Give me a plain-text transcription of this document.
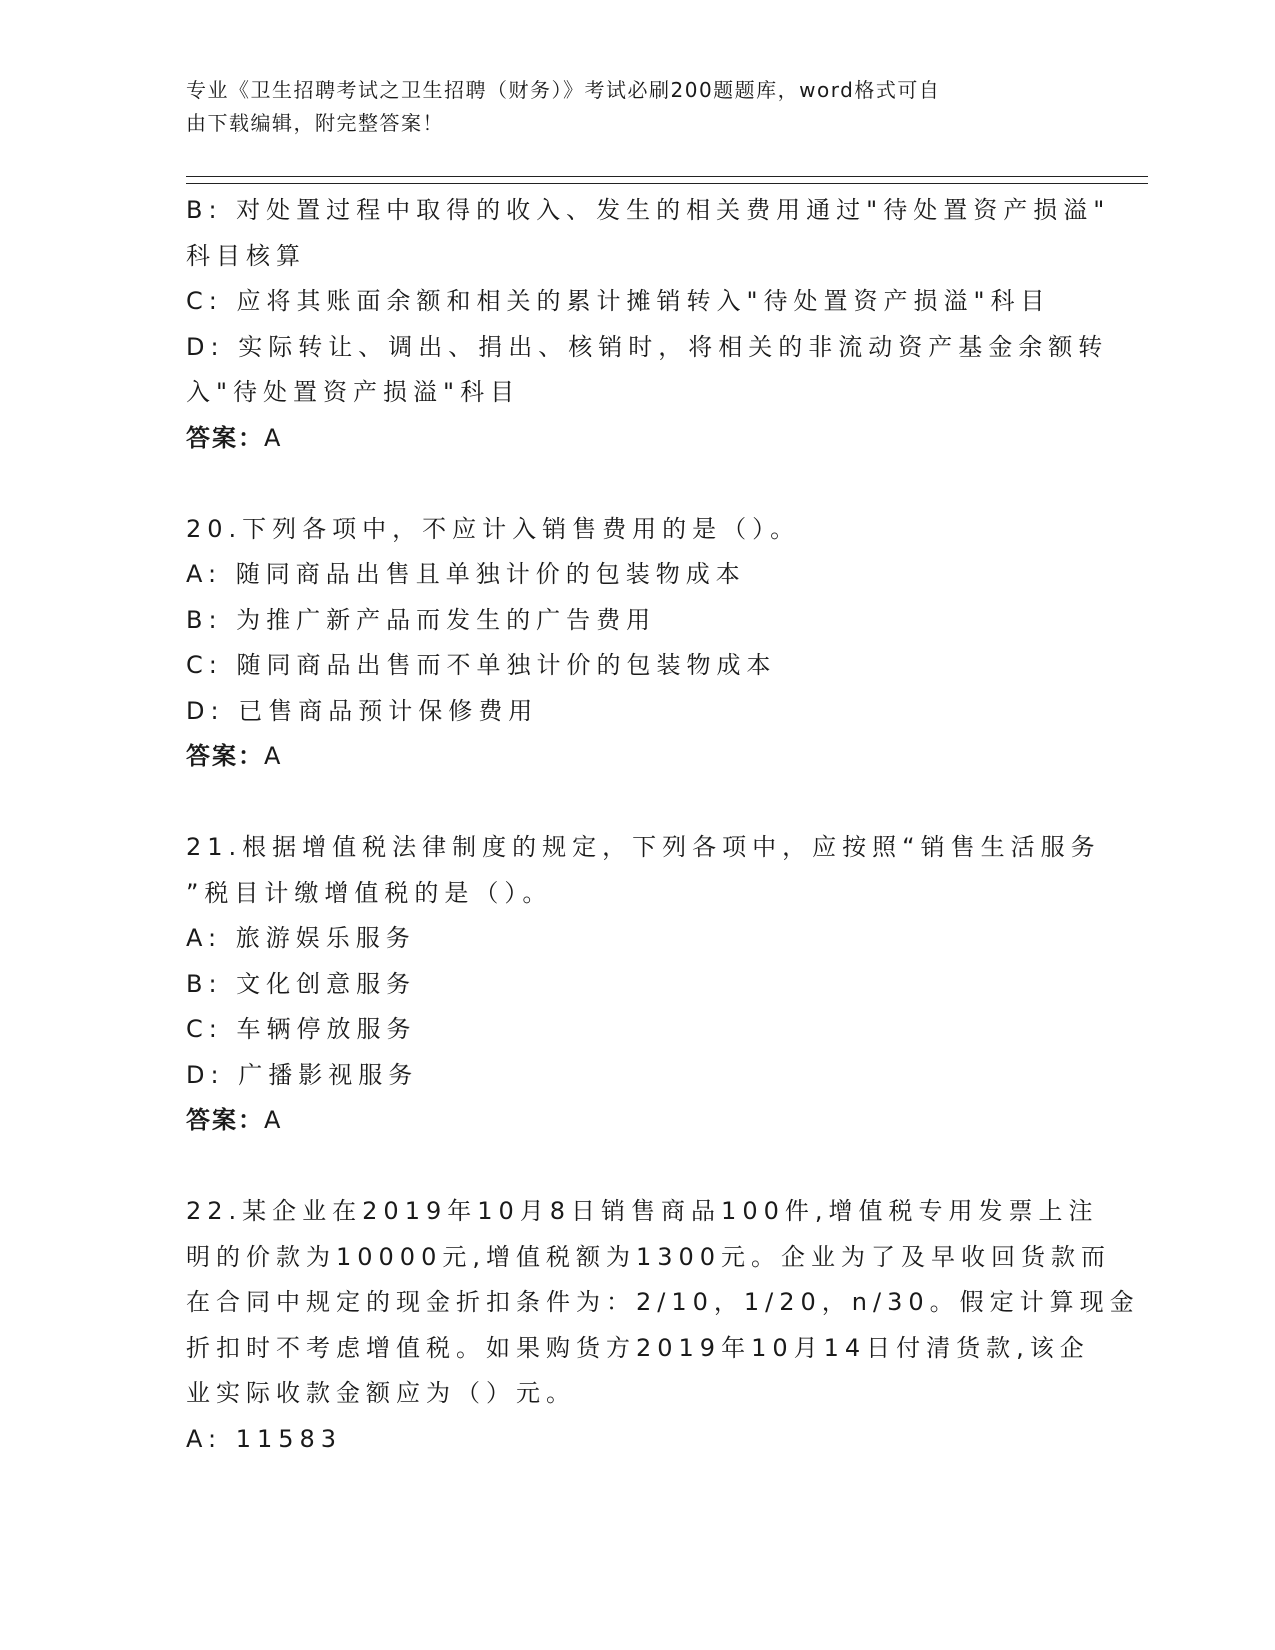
专业《卫生招聘考试之卫生招聘（财务）》考试必刷200题题库，word格式可自
由下载编辑，附完整答案！
B: 对处置过程中取得的收入、发生的相关费用通过"待处置资产损溢"
科目核算
C: 应将其账面余额和相关的累计摊销转入"待处置资产损溢"科目
D: 实际转让、调出、捐出、核销时，将相关的非流动资产基金余额转
入"待处置资产损溢"科目
答案：A
20.下列各项中，不应计入销售费用的是（）。
A: 随同商品出售且单独计价的包装物成本
B: 为推广新产品而发生的广告费用
C: 随同商品出售而不单独计价的包装物成本
D: 已售商品预计保修费用
答案：A
21.根据增值税法律制度的规定，下列各项中，应按照“销售生活服务
”税目计缴增值税的是（）。
A: 旅游娱乐服务
B: 文化创意服务
C: 车辆停放服务
D: 广播影视服务
答案：A
22.某企业在2019年10月8日销售商品100件,增值税专用发票上注
明的价款为10000元,增值税额为1300元。企业为了及早收回货款而
在合同中规定的现金折扣条件为：2/10，1/20，n/30。假定计算现金
折扣时不考虑增值税。如果购货方2019年10月14日付清货款,该企
业实际收款金额应为（）元。
A: 11583
